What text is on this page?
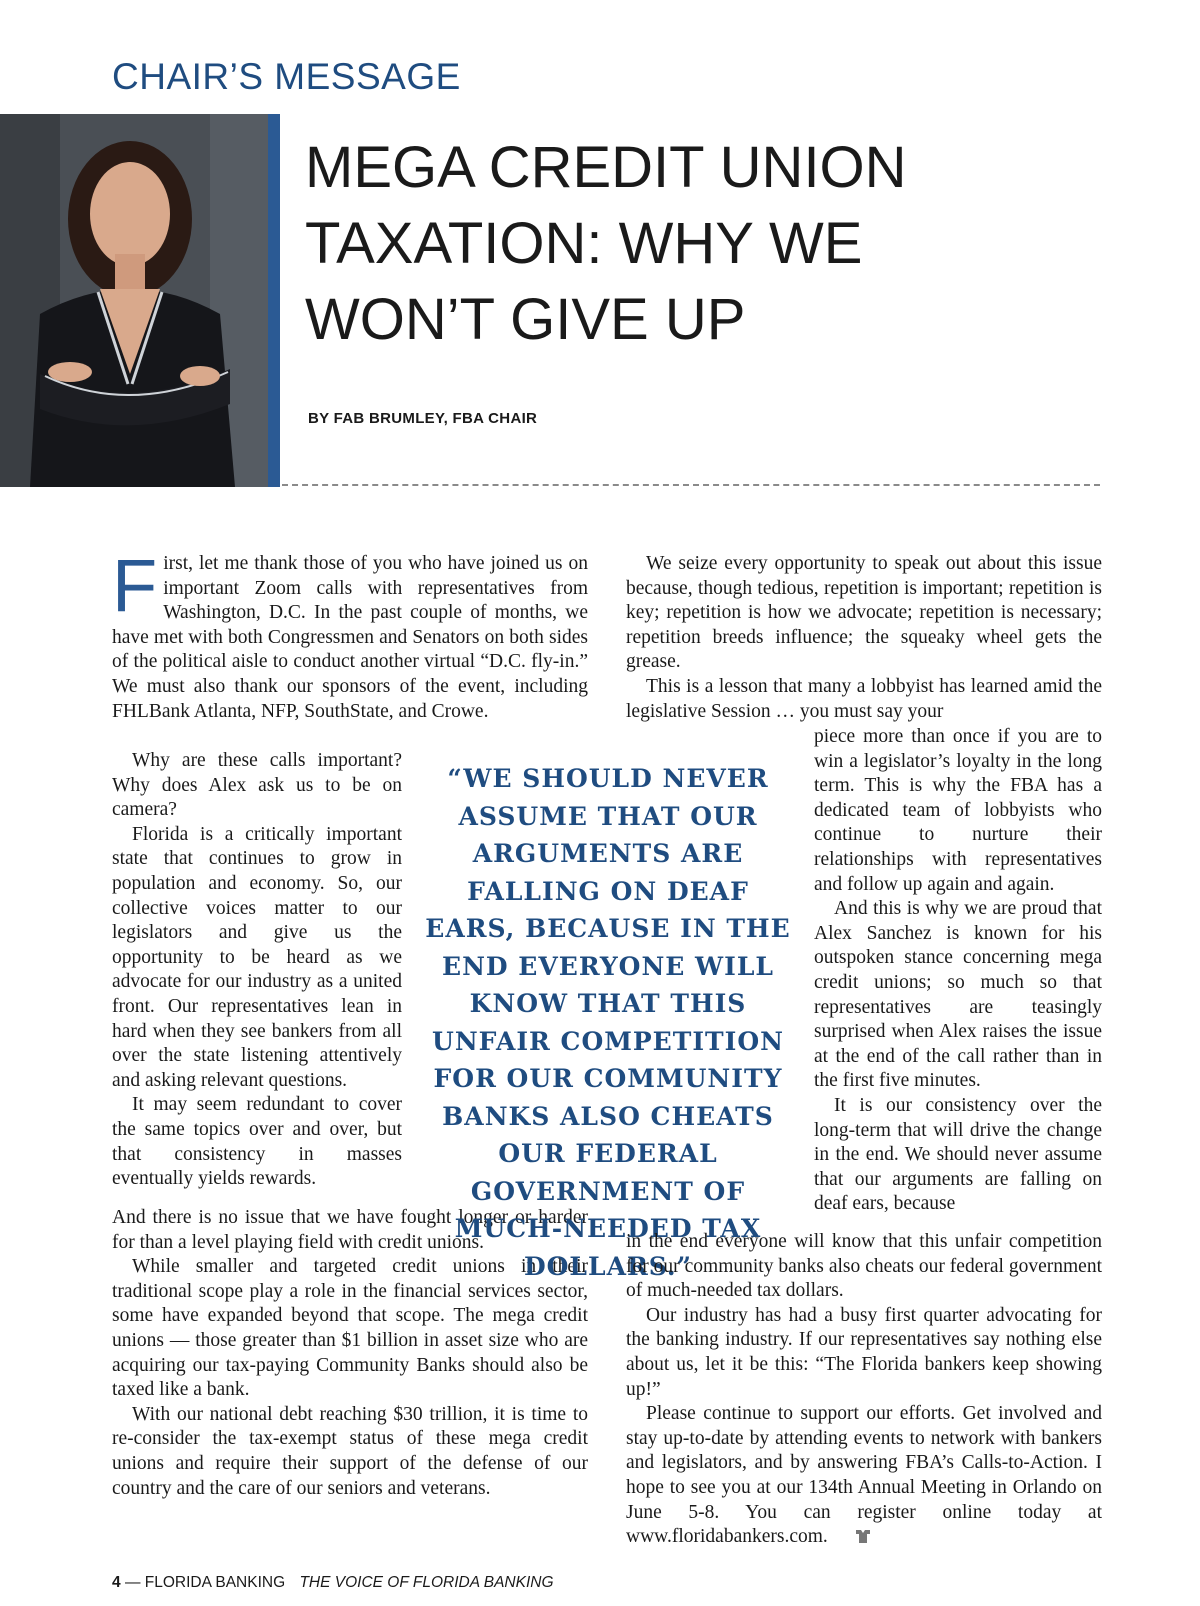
CHAIR’S MESSAGE
MEGA CREDIT UNION
TAXATION: WHY WE
WON’T GIVE UP
BY FAB BRUMLEY, FBA CHAIR

First, let me thank those of you who have joined us on important Zoom calls with representatives from Washington, D.C. In the past couple of months, we have met with both Congressmen and Senators on both sides of the political aisle to conduct another virtual “D.C. fly-in.” We must also thank our sponsors of the event, including FHLBank Atlanta, NFP, SouthState, and Crowe.

Why are these calls important? Why does Alex ask us to be on camera?

Florida is a critically important state that continues to grow in population and economy. So, our collective voices matter to our legislators and give us the opportunity to be heard as we advocate for our industry as a united front. Our representatives lean in hard when they see bankers from all over the state listening attentively and asking relevant questions.

It may seem redundant to cover the same topics over and over, but that consistency in masses eventually yields rewards.

And there is no issue that we have fought longer or harder for than a level playing field with credit unions.

While smaller and targeted credit unions in their traditional scope play a role in the financial services sector, some have expanded beyond that scope. The mega credit unions — those greater than $1 billion in asset size who are acquiring our tax-paying Community Banks should also be taxed like a bank.

With our national debt reaching $30 trillion, it is time to re-consider the tax-exempt status of these mega credit unions and require their support of the defense of our country and the care of our seniors and veterans.

“WE SHOULD NEVER ASSUME THAT OUR ARGUMENTS ARE FALLING ON DEAF EARS, BECAUSE IN THE END EVERYONE WILL KNOW THAT THIS UNFAIR COMPETITION FOR OUR COMMUNITY BANKS ALSO CHEATS OUR FEDERAL GOVERNMENT OF MUCH-NEEDED TAX DOLLARS.”

We seize every opportunity to speak out about this issue because, though tedious, repetition is important; repetition is key; repetition is how we advocate; repetition is necessary; repetition breeds influence; the squeaky wheel gets the grease.

This is a lesson that many a lobbyist has learned amid the legislative Session … you must say your

piece more than once if you are to win a legislator’s loyalty in the long term. This is why the FBA has a dedicated team of lobbyists who continue to nurture their relationships with representatives and follow up again and again.

And this is why we are proud that Alex Sanchez is known for his outspoken stance concerning mega credit unions; so much so that representatives are teasingly surprised when Alex raises the issue at the end of the call rather than in the first five minutes.

It is our consistency over the long-term that will drive the change in the end. We should never assume that our arguments are falling on deaf ears, because

in the end everyone will know that this unfair competition for our community banks also cheats our federal government of much-needed tax dollars.

Our industry has had a busy first quarter advocating for the banking industry. If our representatives say nothing else about us, let it be this: “The Florida bankers keep showing up!”

Please continue to support our efforts. Get involved and stay up-to-date by attending events to network with bankers and legislators, and by answering FBA’s Calls-to-Action. I hope to see you at our 134th Annual Meeting in Orlando on June 5-8. You can register online today at www.floridabankers.com.

4 — FLORIDA BANKING THE VOICE OF FLORIDA BANKING
